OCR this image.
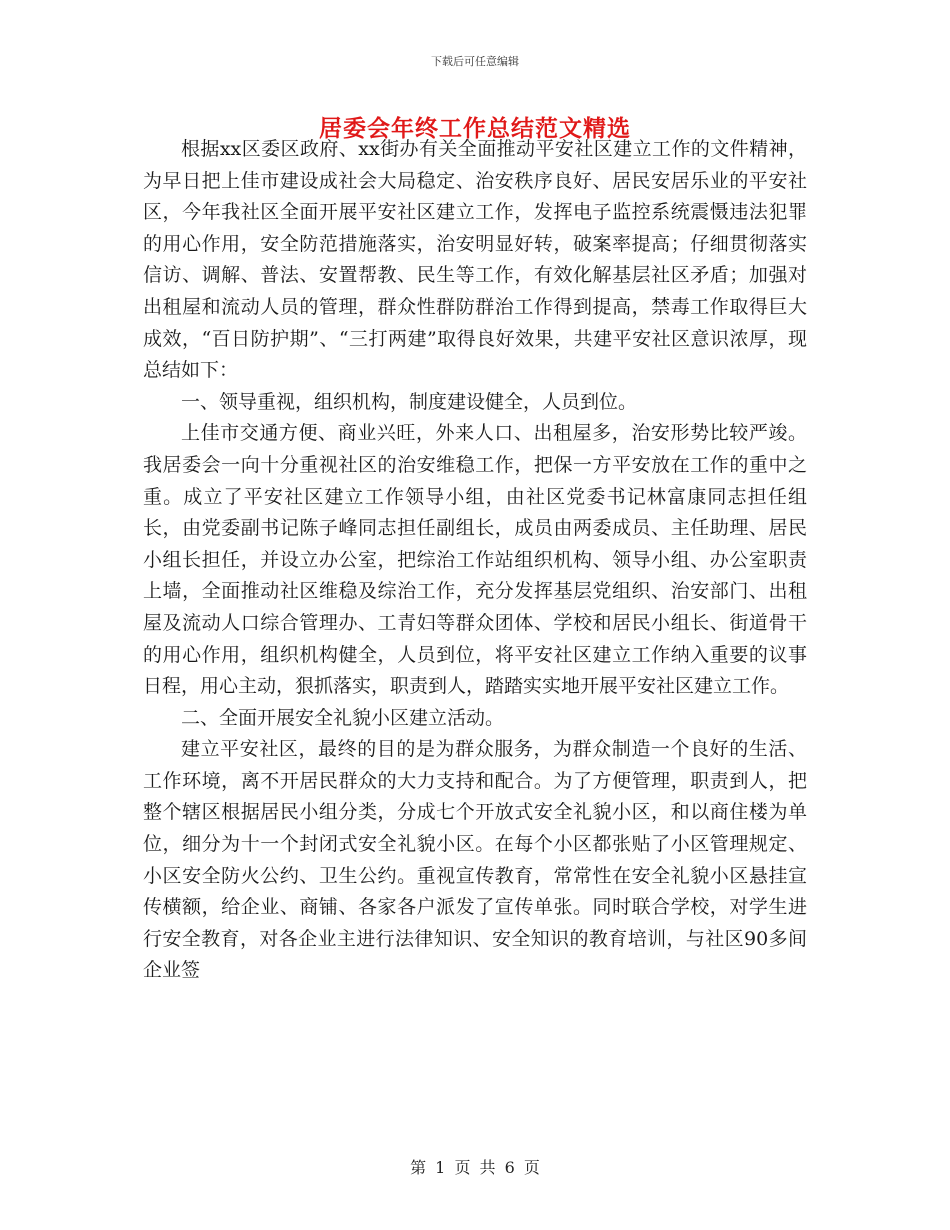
下载后可任意编辑
居委会年终工作总结范文精选

根据xx区委区政府、xx街办有关全面推动平安社区建立工作的文件精神，为早日把上佳市建设成社会大局稳定、治安秩序良好、居民安居乐业的平安社区，今年我社区全面开展平安社区建立工作，发挥电子监控系统震慑违法犯罪的用心作用，安全防范措施落实，治安明显好转，破案率提高；仔细贯彻落实信访、调解、普法、安置帮教、民生等工作，有效化解基层社区矛盾；加强对出租屋和流动人员的管理，群众性群防群治工作得到提高，禁毒工作取得巨大成效，“百日防护期”、“三打两建”取得良好效果，共建平安社区意识浓厚，现总结如下：

一、领导重视，组织机构，制度建设健全，人员到位。

上佳市交通方便、商业兴旺，外来人口、出租屋多，治安形势比较严竣。我居委会一向十分重视社区的治安维稳工作，把保一方平安放在工作的重中之重。成立了平安社区建立工作领导小组，由社区党委书记林富康同志担任组长，由党委副书记陈子峰同志担任副组长，成员由两委成员、主任助理、居民小组长担任，并设立办公室，把综治工作站组织机构、领导小组、办公室职责上墙，全面推动社区维稳及综治工作，充分发挥基层党组织、治安部门、出租屋及流动人口综合管理办、工青妇等群众团体、学校和居民小组长、街道骨干的用心作用，组织机构健全，人员到位，将平安社区建立工作纳入重要的议事日程，用心主动，狠抓落实，职责到人，踏踏实实地开展平安社区建立工作。

二、全面开展安全礼貌小区建立活动。

建立平安社区，最终的目的是为群众服务，为群众制造一个良好的生活、工作环境，离不开居民群众的大力支持和配合。为了方便管理，职责到人，把整个辖区根据居民小组分类，分成七个开放式安全礼貌小区，和以商住楼为单位，细分为十一个封闭式安全礼貌小区。在每个小区都张贴了小区管理规定、小区安全防火公约、卫生公约。重视宣传教育，常常性在安全礼貌小区悬挂宣传横额，给企业、商铺、各家各户派发了宣传单张。同时联合学校，对学生进行安全教育，对各企业主进行法律知识、安全知识的教育培训，与社区90多间企业签

第 1 页 共 6 页
